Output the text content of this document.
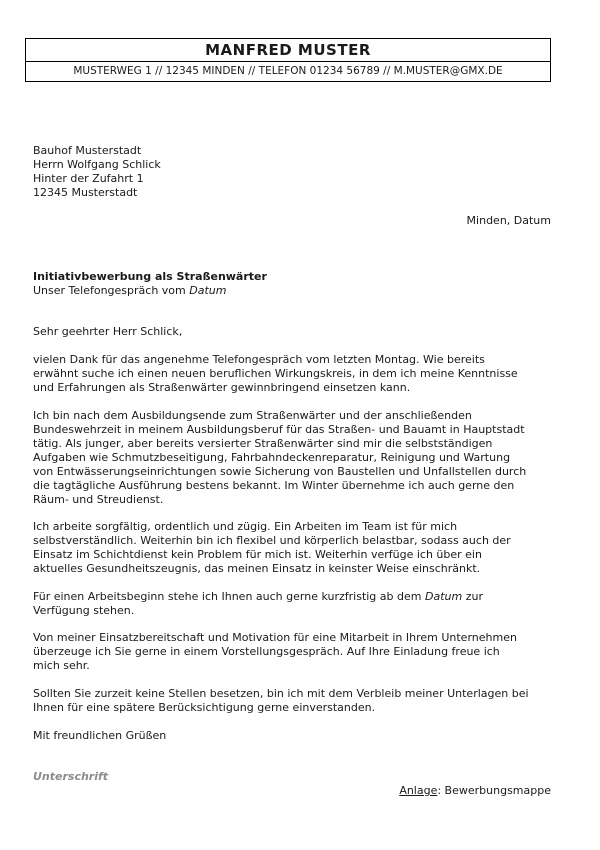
MANFRED MUSTER
MUSTERWEG 1 // 12345 MINDEN // TELEFON 01234 56789 // M.MUSTER@GMX.DE
Bauhof Musterstadt
Herrn Wolfgang Schlick
Hinter der Zufahrt 1
12345 Musterstadt
Minden, Datum
Initiativbewerbung als Straßenwärter
Unser Telefongespräch vom Datum
Sehr geehrter Herr Schlick,
vielen Dank für das angenehme Telefongespräch vom letzten Montag. Wie bereits
erwähnt suche ich einen neuen beruflichen Wirkungskreis, in dem ich meine Kenntnisse
und Erfahrungen als Straßenwärter gewinnbringend einsetzen kann.
Ich bin nach dem Ausbildungsende zum Straßenwärter und der anschließenden
Bundeswehrzeit in meinem Ausbildungsberuf für das Straßen- und Bauamt in Hauptstadt
tätig. Als junger, aber bereits versierter Straßenwärter sind mir die selbstständigen
Aufgaben wie Schmutzbeseitigung, Fahrbahndeckenreparatur, Reinigung und Wartung
von Entwässerungseinrichtungen sowie Sicherung von Baustellen und Unfallstellen durch
die tagtägliche Ausführung bestens bekannt. Im Winter übernehme ich auch gerne den
Räum- und Streudienst.
Ich arbeite sorgfältig, ordentlich und zügig. Ein Arbeiten im Team ist für mich
selbstverständlich. Weiterhin bin ich flexibel und körperlich belastbar, sodass auch der
Einsatz im Schichtdienst kein Problem für mich ist. Weiterhin verfüge ich über ein
aktuelles Gesundheitszeugnis, das meinen Einsatz in keinster Weise einschränkt.
Für einen Arbeitsbeginn stehe ich Ihnen auch gerne kurzfristig ab dem Datum zur
Verfügung stehen.
Von meiner Einsatzbereitschaft und Motivation für eine Mitarbeit in Ihrem Unternehmen
überzeuge ich Sie gerne in einem Vorstellungsgespräch. Auf Ihre Einladung freue ich
mich sehr.
Sollten Sie zurzeit keine Stellen besetzen, bin ich mit dem Verbleib meiner Unterlagen bei
Ihnen für eine spätere Berücksichtigung gerne einverstanden.
Mit freundlichen Grüßen
Unterschrift
Anlage: Bewerbungsmappe
